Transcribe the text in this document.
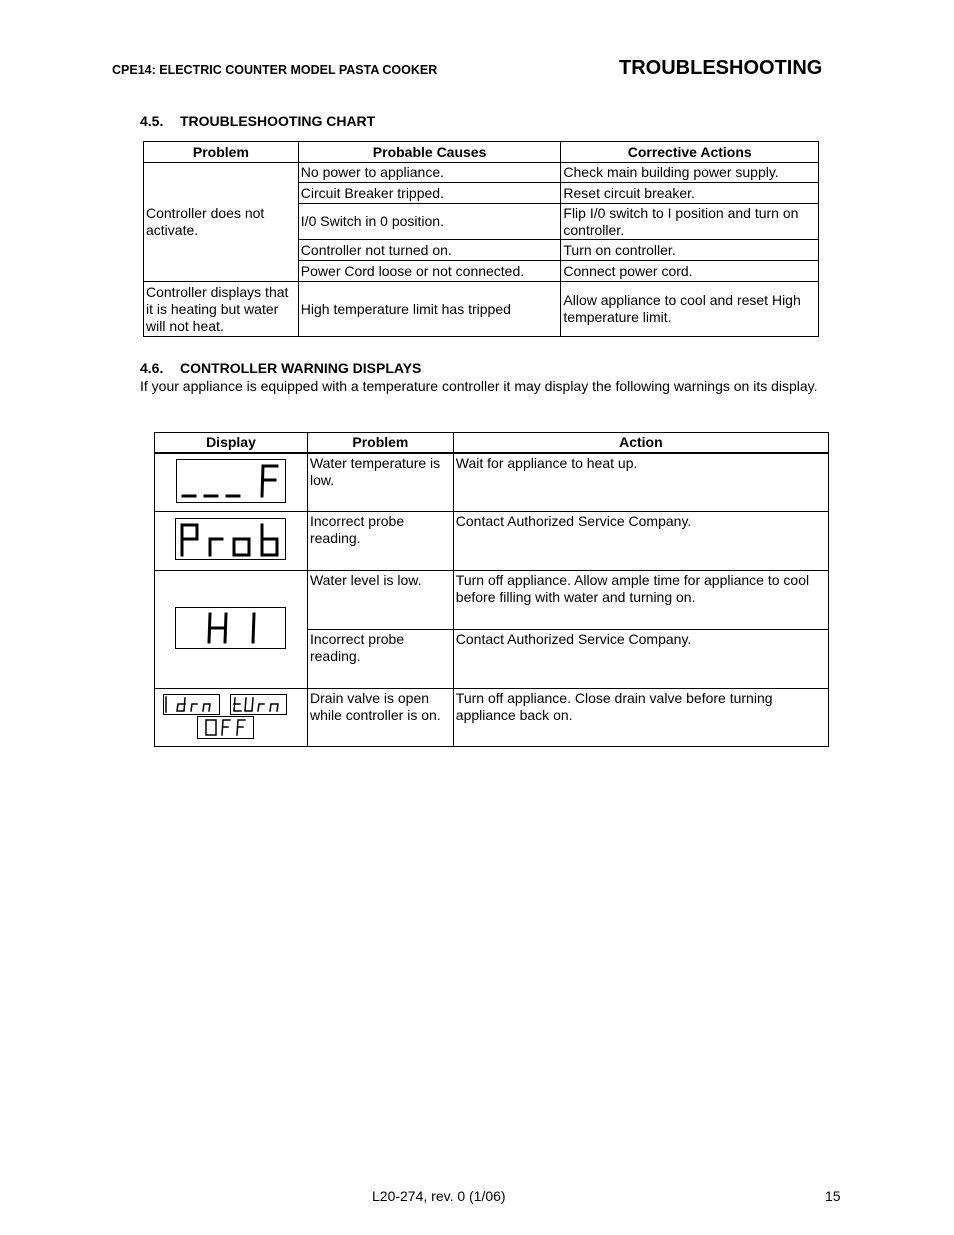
CPE14: ELECTRIC COUNTER MODEL PASTA COOKER	TROUBLESHOOTING
4.5. TROUBLESHOOTING CHART
Problem	Probable Causes	Corrective Actions
Controller does not activate.	No power to appliance.	Check main building power supply.
	Circuit Breaker tripped.	Reset circuit breaker.
	I/0 Switch in 0 position.	Flip I/0 switch to I position and turn on controller.
	Controller not turned on.	Turn on controller.
	Power Cord loose or not connected.	Connect power cord.
Controller displays that it is heating but water will not heat.	High temperature limit has tripped	Allow appliance to cool and reset High temperature limit.
4.6. CONTROLLER WARNING DISPLAYS
If your appliance is equipped with a temperature controller it may display the following warnings on its display.
Display	Problem	Action
	Water temperature is low.	Wait for appliance to heat up.
	Incorrect probe reading.	Contact Authorized Service Company.
	Water level is low.	Turn off appliance. Allow ample time for appliance to cool before filling with water and turning on.
	Incorrect probe reading.	Contact Authorized Service Company.

	Drain valve is open while controller is on.	Turn off appliance. Close drain valve before turning appliance back on.
L20-274, rev. 0 (1/06)	15
